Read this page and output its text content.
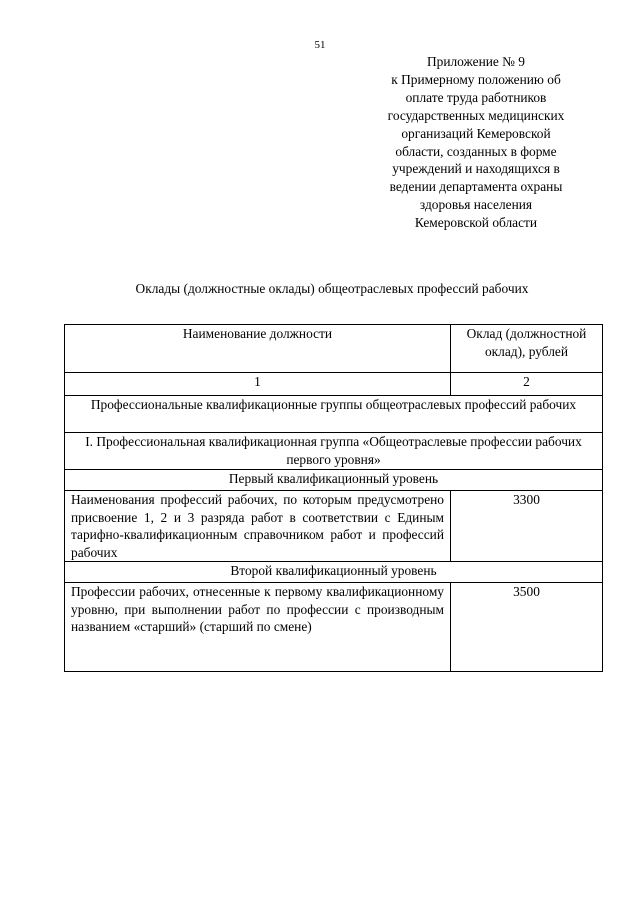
51
Приложение № 9
к Примерному положению об
оплате труда работников
государственных медицинских
организаций Кемеровской
области, созданных в форме
учреждений и находящихся в
ведении департамента охраны
здоровья населения
Кемеровской области
Оклады (должностные оклады) общеотраслевых профессий рабочих
Наименование должности	Оклад (должностной оклад), рублей
1	2
Профессиональные квалификационные группы общеотраслевых профессий рабочих	
I. Профессиональная квалификационная группа «Общеотраслевые профессии рабочих первого уровня»	
Первый квалификационный уровень	
Наименования профессий рабочих, по которым предусмотрено присвоение 1, 2 и 3 разряда работ в соответствии с Единым тарифно-квалификационным справочником работ и профессий рабочих	3300
Второй квалификационный уровень	
Профессии рабочих, отнесенные к первому квалификационному уровню, при выполнении работ по профессии с производным названием «старший» (старший по смене)	3500
